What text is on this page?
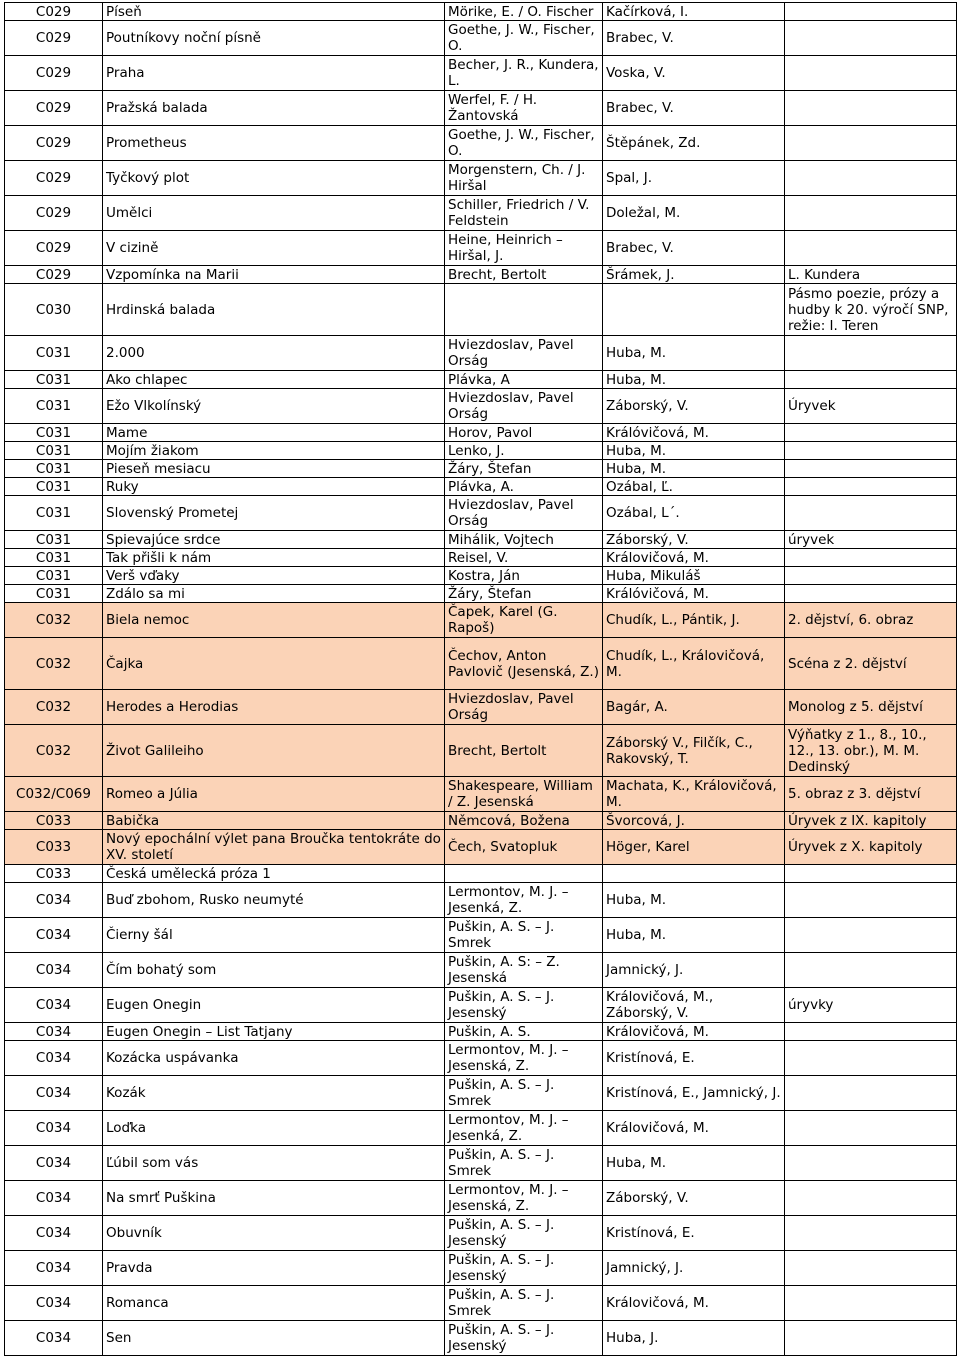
C029	Píseň	Mörike, E. / O. Fischer	Kačírková, I.	
C029	Poutníkovy noční písně	Goethe, J. W., Fischer, O.	Brabec, V.	
C029	Praha	Becher, J. R., Kundera, L.	Voska, V.	
C029	Pražská balada	Werfel, F. / H. Žantovská	Brabec, V.	
C029	Prometheus	Goethe, J. W., Fischer, O.	Štěpánek, Zd.	
C029	Tyčkový plot	Morgenstern, Ch. / J. Hiršal	Spal, J.	
C029	Umělci	Schiller, Friedrich / V. Feldstein	Doležal, M.	
C029	V cizině	Heine, Heinrich – Hiršal, J.	Brabec, V.	
C029	Vzpomínka na Marii	Brecht, Bertolt	Šrámek, J.	L. Kundera
C030	Hrdinská balada			Pásmo poezie, prózy a hudby k 20. výročí SNP, režie: I. Teren
C031	2.000	Hviezdoslav, Pavel Orság	Huba, M.	
C031	Ako chlapec	Plávka, A	Huba, M.	
C031	Ežo Vlkolínský	Hviezdoslav, Pavel Orság	Záborský, V.	Úryvek
C031	Mame	Horov, Pavol	Králóvičová, M.	
C031	Mojím žiakom	Lenko, J.	Huba, M.	
C031	Pieseň mesiacu	Žáry, Štefan	Huba, M.	
C031	Ruky	Plávka, A.	Ozábal, Ľ.	
C031	Slovenský Prometej	Hviezdoslav, Pavel Orság	Ozábal, L´.	
C031	Spievajúce srdce	Mihálik, Vojtech	Záborský, V.	úryvek
C031	Tak přišli k nám	Reisel, V.	Královičová, M.	
C031	Verš vďaky	Kostra, Ján	Huba, Mikuláš	
C031	Zdálo sa mi	Žáry, Štefan	Králóvičová, M.	
C032	Biela nemoc	Čapek, Karel (G. Rapoš)	Chudík, L., Pántik, J.	2. dějství, 6. obraz
C032	Čajka	Čechov, Anton Pavlovič (Jesenská, Z.)	Chudík, L., Královičová, M.	Scéna z 2. dějství
C032	Herodes a Herodias	Hviezdoslav, Pavel Orság	Bagár, A.	Monolog z 5. dějství
C032	Život Galileiho	Brecht, Bertolt	Záborský V., Filčík, C., Rakovský, T.	Výňatky z 1., 8., 10., 12., 13. obr.), M. M. Dedinský
C032/C069	Romeo a Júlia	Shakespeare, William / Z. Jesenská	Machata, K., Královičová, M.	5. obraz z 3. dějství
C033	Babička	Němcová, Božena	Švorcová, J.	Úryvek z IX. kapitoly
C033	Nový epochální výlet pana Broučka tentokráte do XV. století	Čech, Svatopluk	Höger, Karel	Úryvek z X. kapitoly
C033	Česká umělecká próza 1			
C034	Buď zbohom, Rusko neumyté	Lermontov, M. J. – Jesenká, Z.	Huba, M.	
C034	Čierny šál	Puškin, A. S. – J. Smrek	Huba, M.	
C034	Čím bohatý som	Puškin, A. S: – Z. Jesenská	Jamnický, J.	
C034	Eugen Onegin	Puškin, A. S. – J. Jesenský	Královičová, M., Záborský, V.	úryvky
C034	Eugen Onegin – List Tatjany	Puškin, A. S.	Královičová, M.	
C034	Kozácka uspávanka	Lermontov, M. J. – Jesenská, Z.	Kristínová, E.	
C034	Kozák	Puškin, A. S. – J. Smrek	Kristínová, E., Jamnický, J.	
C034	Loďka	Lermontov, M. J. – Jesenká, Z.	Královičová, M.	
C034	Ľúbil som vás	Puškin, A. S. – J. Smrek	Huba, M.	
C034	Na smrť Puškina	Lermontov, M. J. – Jesenská, Z.	Záborský, V.	
C034	Obuvník	Puškin, A. S. – J. Jesenský	Kristínová, E.	
C034	Pravda	Puškin, A. S. – J. Jesenský	Jamnický, J.	
C034	Romanca	Puškin, A. S. – J. Smrek	Královičová, M.	
C034	Sen	Puškin, A. S. – J. Jesenský	Huba, J.	
